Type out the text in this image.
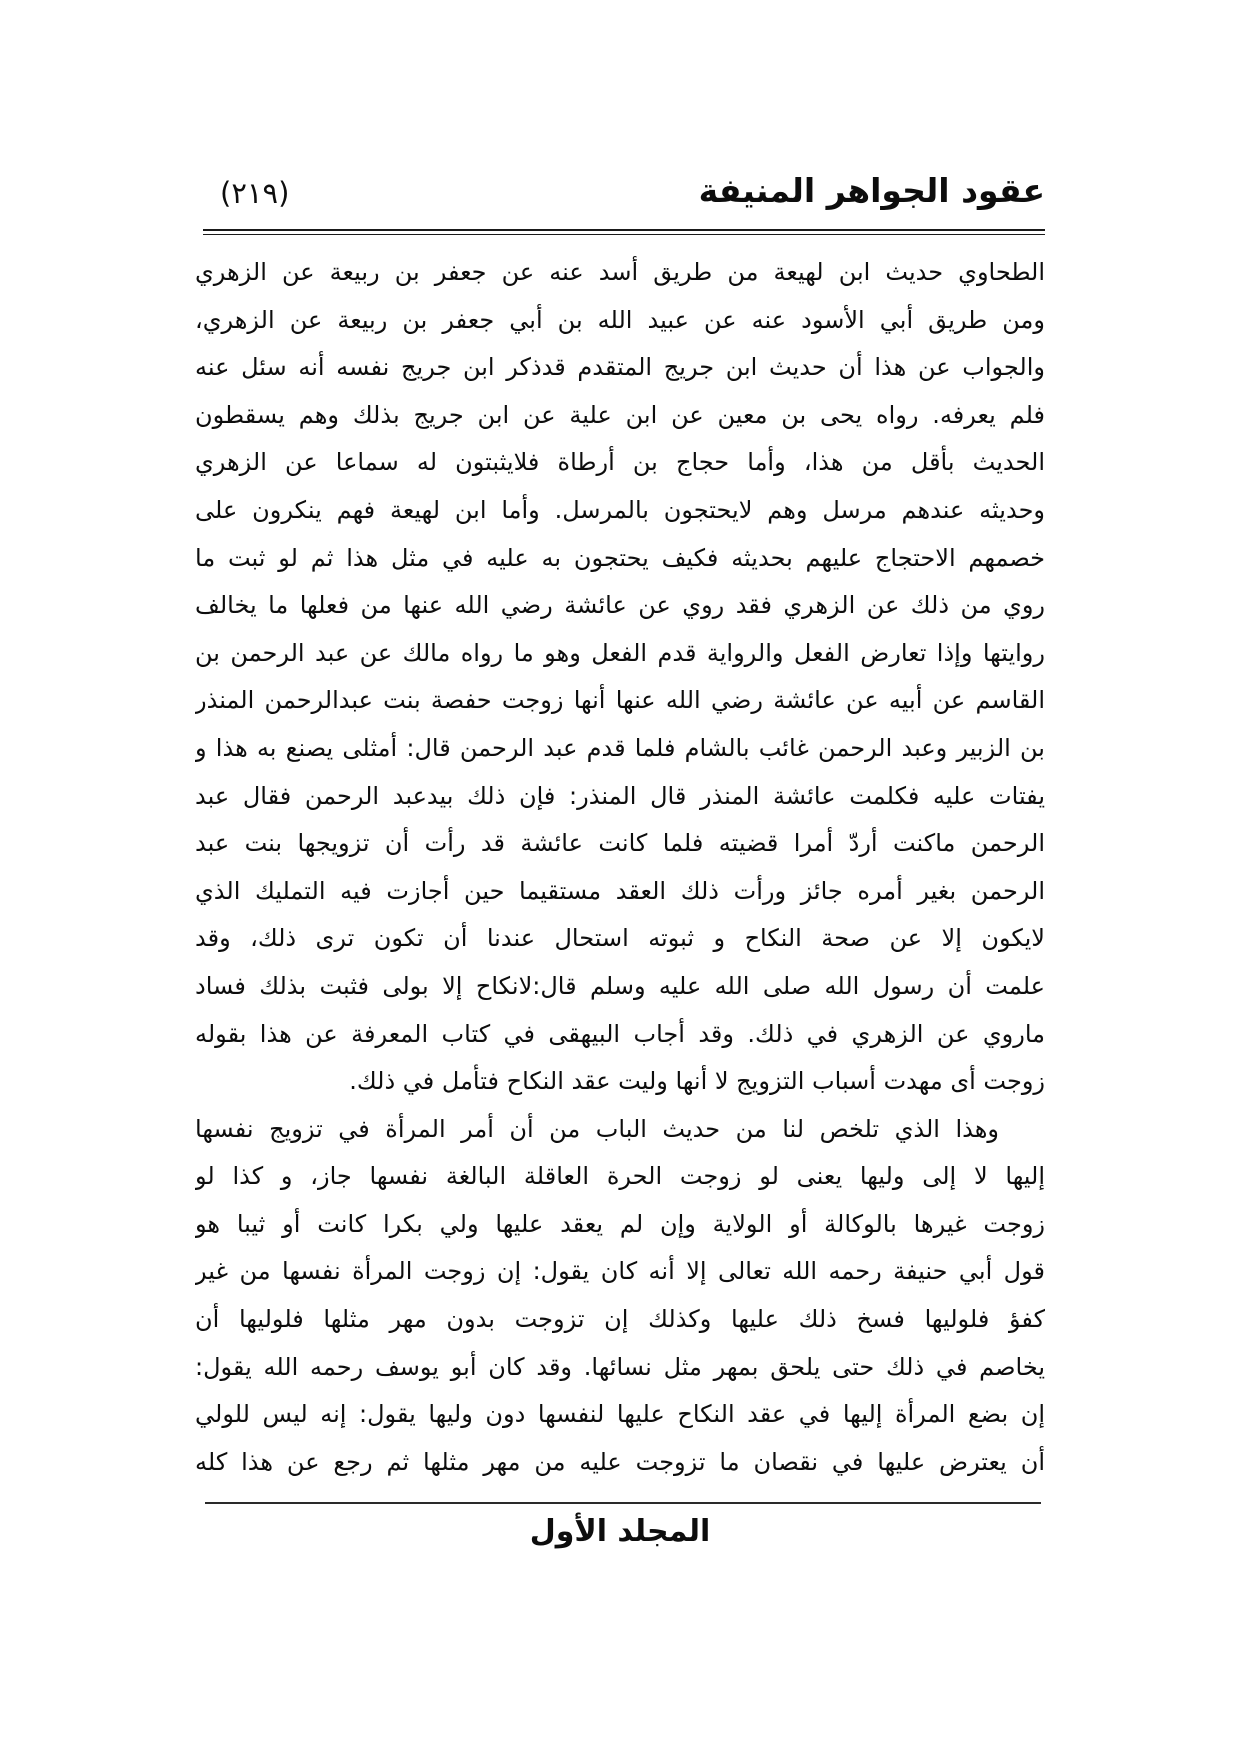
(٢١٩)	عقود الجواهر المنيفة
الطحاوي حديث ابن لهيعة من طريق أسد عنه عن جعفر بن ربيعة عن الزهري
ومن طريق أبي الأسود عنه عن عبيد الله بن أبي جعفر بن ربيعة عن الزهري،
والجواب عن هذا أن حديث ابن جريج المتقدم قدذكر ابن جريج نفسه أنه سئل عنه
فلم يعرفه. رواه يحى بن معين عن ابن علية عن ابن جريج بذلك وهم يسقطون
الحديث بأقل من هذا، وأما حجاج بن أرطاة فلايثبتون له سماعا عن الزهري
وحديثه عندهم مرسل وهم لايحتجون بالمرسل. وأما ابن لهيعة فهم ينكرون على
خصمهم الاحتجاج عليهم بحديثه فكيف يحتجون به عليه في مثل هذا ثم لو ثبت ما
روي من ذلك عن الزهري فقد روي عن عائشة رضي الله عنها من فعلها ما يخالف
روايتها وإذا تعارض الفعل والرواية قدم الفعل وهو ما رواه مالك عن عبد الرحمن بن
القاسم عن أبيه عن عائشة رضي الله عنها أنها زوجت حفصة بنت عبدالرحمن المنذر
بن الزبير وعبد الرحمن غائب بالشام فلما قدم عبد الرحمن قال: أمثلى يصنع به هذا و
يفتات عليه فكلمت عائشة المنذر قال المنذر: فإن ذلك بيدعبد الرحمن فقال عبد
الرحمن ماكنت أردّ أمرا قضيته فلما كانت عائشة قد رأت أن تزويجها بنت عبد
الرحمن بغير أمره جائز ورأت ذلك العقد مستقيما حين أجازت فيه التمليك الذي
لايكون إلا عن صحة النكاح و ثبوته استحال عندنا أن تكون ترى ذلك، وقد
علمت أن رسول الله صلى الله عليه وسلم قال:لانكاح إلا بولى فثبت بذلك فساد
ماروي عن الزهري في ذلك. وقد أجاب البيهقى في كتاب المعرفة عن هذا بقوله
زوجت أى مهدت أسباب التزويج لا أنها وليت عقد النكاح فتأمل في ذلك.
وهذا الذي تلخص لنا من حديث الباب من أن أمر المرأة في تزويج نفسها
إليها لا إلى وليها يعنى لو زوجت الحرة العاقلة البالغة نفسها جاز، و كذا لو
زوجت غيرها بالوكالة أو الولاية وإن لم يعقد عليها ولي بكرا كانت أو ثيبا هو
قول أبي حنيفة رحمه الله تعالى إلا أنه كان يقول: إن زوجت المرأة نفسها من غير
كفؤ فلوليها فسخ ذلك عليها وكذلك إن تزوجت بدون مهر مثلها فلوليها أن
يخاصم في ذلك حتى يلحق بمهر مثل نسائها. وقد كان أبو يوسف رحمه الله يقول:
إن بضع المرأة إليها في عقد النكاح عليها لنفسها دون وليها يقول: إنه ليس للولي
أن يعترض عليها في نقصان ما تزوجت عليه من مهر مثلها ثم رجع عن هذا كله
المجلد الأول
